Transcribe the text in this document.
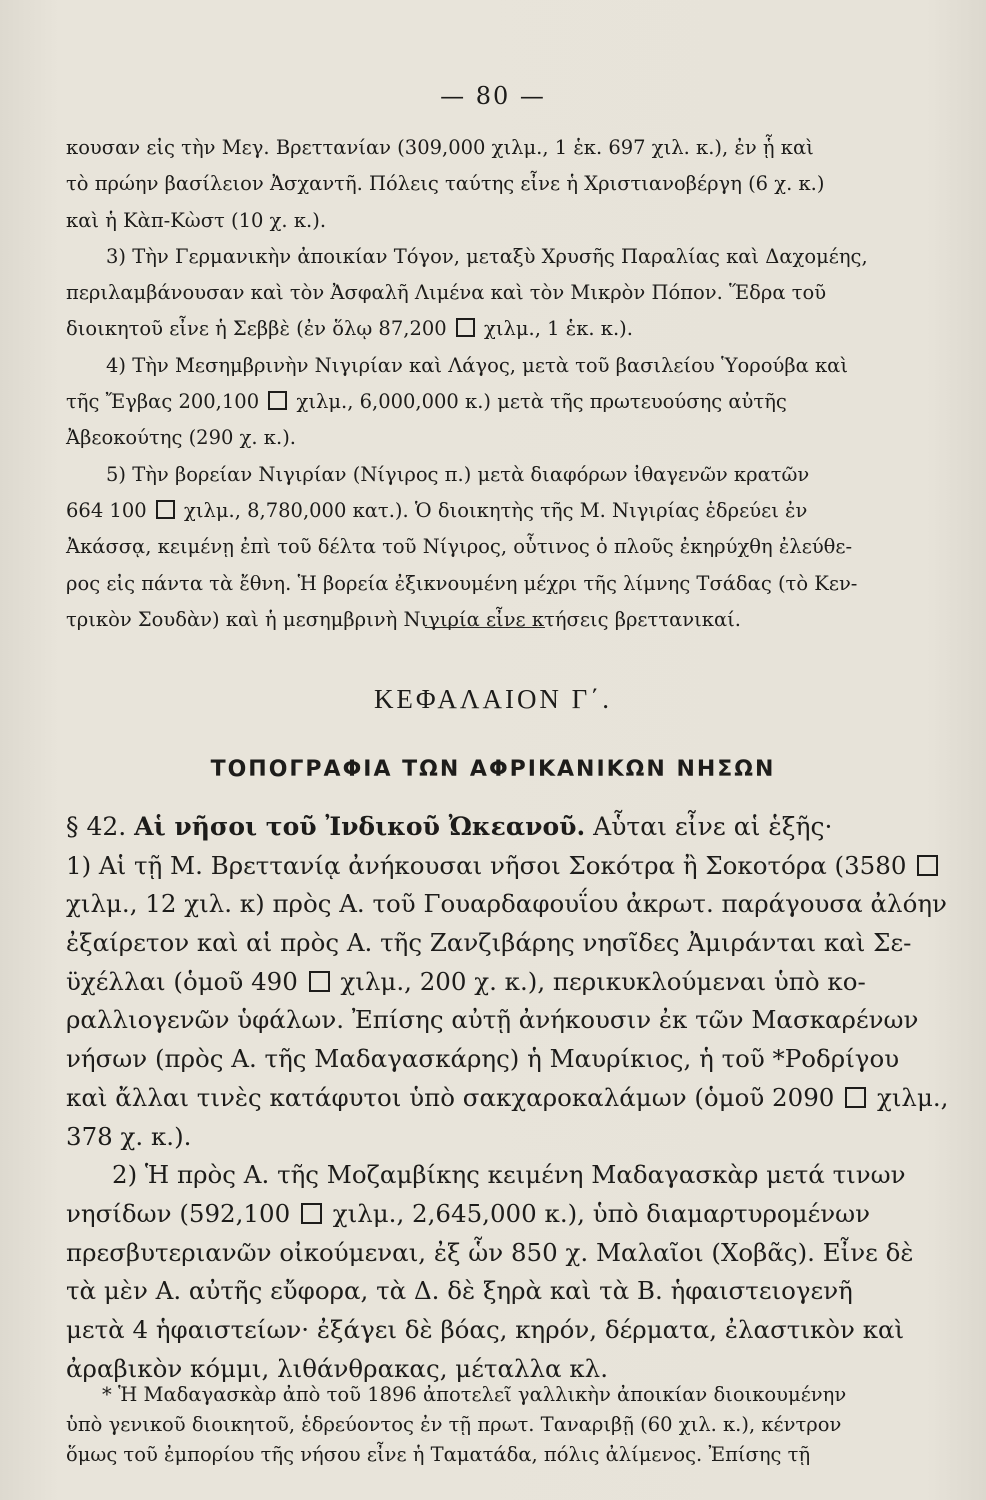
— 80 —
κουσαν εἰς τὴν Μεγ. Βρεττανίαν (309,000 χιλμ., 1 ἑκ. 697 χιλ. κ.), ἐν ᾗ καὶ
τὸ πρώην βασίλειον Ἀσχαντῆ. Πόλεις ταύτης εἶνε ἡ Χριστιανοβέργη (6 χ. κ.)
καὶ ἡ Κὰπ-Κὼστ (10 χ. κ.).
3) Τὴν Γερμανικὴν ἀποικίαν Τόγον, μεταξὺ Χρυσῆς Παραλίας καὶ Δαχομέης,
περιλαμβάνουσαν καὶ τὸν Ἀσφαλῆ Λιμένα καὶ τὸν Μικρὸν Πόπον. Ἕδρα τοῦ
διοικητοῦ εἶνε ἡ Σεββὲ (ἐν ὅλῳ 87,200  χιλμ., 1 ἑκ. κ.).
4) Τὴν Μεσημβρινὴν Νιγιρίαν καὶ Λάγος, μετὰ τοῦ βασιλείου Ὑορούβα καὶ
τῆς Ἔγβας 200,100  χιλμ., 6,000,000 κ.) μετὰ τῆς πρωτευούσης αὐτῆς
Ἀβεοκούτης (290 χ. κ.).
5) Τὴν βορείαν Νιγιρίαν (Νίγιρος π.) μετὰ διαφόρων ἰθαγενῶν κρατῶν
664 100  χιλμ., 8,780,000 κατ.). Ὁ διοικητὴς τῆς Μ. Νιγιρίας ἑδρεύει ἐν
Ἀκάσσᾳ, κειμένῃ ἐπὶ τοῦ δέλτα τοῦ Νίγιρος, οὗτινος ὁ πλοῦς ἐκηρύχθη ἐλεύθε-
ρος εἰς πάντα τὰ ἔθνη. Ἡ βορεία ἐξικνουμένη μέχρι τῆς λίμνης Τσάδας (τὸ Κεν-
τρικὸν Σουδὰν) καὶ ἡ μεσημβρινὴ Νιγιρία εἶνε κτήσεις βρεττανικαί.
ΚΕΦΑΛΑΙΟΝ Γ΄.
ΤΟΠΟΓΡΑΦΙΑ ΤΩΝ ΑΦΡΙΚΑΝΙΚΩΝ ΝΗΣΩΝ
§ 42. Αἱ νῆσοι τοῦ Ἰνδικοῦ Ὠκεανοῦ. Αὗται εἶνε αἱ ἑξῆς·
1) Αἱ τῇ Μ. Βρεττανίᾳ ἀνήκουσαι νῆσοι Σοκότρα ἢ Σοκοτόρα (3580
χιλμ., 12 χιλ. κ) πρὸς Α. τοῦ Γουαρδαφουΐου ἀκρωτ. παράγουσα ἀλόην
ἐξαίρετον καὶ αἱ πρὸς Α. τῆς Ζανζιβάρης νησῖδες Ἀμιράνται καὶ Σε-
ϋχέλλαι (ὁμοῦ 490  χιλμ., 200 χ. κ.), περικυκλούμεναι ὑπὸ κο-
ραλλιογενῶν ὑφάλων. Ἐπίσης αὐτῇ ἀνήκουσιν ἐκ τῶν Μασκαρένων
νήσων (πρὸς Α. τῆς Μαδαγασκάρης) ἡ Μαυρίκιος, ἡ τοῦ *Ροδρίγου
καὶ ἄλλαι τινὲς κατάφυτοι ὑπὸ σακχαροκαλάμων (ὁμοῦ 2090  χιλμ.,
378 χ. κ.).
2) Ἡ πρὸς Α. τῆς Μοζαμβίκης κειμένη Μαδαγασκὰρ μετά τινων
νησίδων (592,100  χιλμ., 2,645,000 κ.), ὑπὸ διαμαρτυρομένων
πρεσβυτεριανῶν οἰκούμεναι, ἐξ ὧν 850 χ. Μαλαῖοι (Χοβᾶς). Εἶνε δὲ
τὰ μὲν Α. αὐτῆς εὔφορα, τὰ Δ. δὲ ξηρὰ καὶ τὰ Β. ἡφαιστειογενῆ
μετὰ 4 ἡφαιστείων· ἐξάγει δὲ βόας, κηρόν, δέρματα, ἐλαστικὸν καὶ
ἀραβικὸν κόμμι, λιθάνθρακας, μέταλλα κλ.
* Ἡ Μαδαγασκὰρ ἀπὸ τοῦ 1896 ἀποτελεῖ γαλλικὴν ἀποικίαν διοικουμένην
ὑπὸ γενικοῦ διοικητοῦ, ἑδρεύοντος ἐν τῇ πρωτ. Ταναριβῇ (60 χιλ. κ.), κέντρον
ὅμως τοῦ ἐμπορίου τῆς νήσου εἶνε ἡ Ταματάδα, πόλις ἀλίμενος. Ἐπίσης τῇ
